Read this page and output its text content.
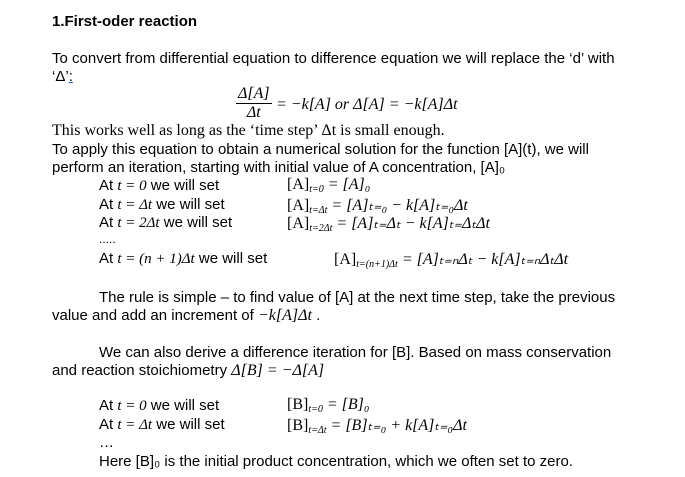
1.First-oder reaction
To convert from differential equation to difference equation we will replace the ‘d’ with
‘Δ’:
$\frac{\Delta[A]}{\Delta t} = -k[A]$ or Δ[A] = −k[A]Δt
This works well as long as the ‘time step’ Δt is small enough.
To apply this equation to obtain a numerical solution for the function [A](t), we will
perform an iteration, starting with initial value of A concentration, [A]₀
At t = 0 we will set	$[A]_{t=0} = [A]_0$
At t = Δt we will set	$[A]_{t=\Delta t} = [A]_{t=0} - k[A]_{t=0}\Delta t$
At t = 2Δt we will set	$[A]_{t=2\Delta t} = [A]_{t=}\Delta_t - k[A]_{t=}\Delta_t\Delta t$
.....
At t = (n + 1)Δt we will set	$[A]_{t=(n+1)\Delta t} = [A]_{t=n}\Delta_t - k[A]_{t=n}\Delta_t\Delta t$
The rule is simple – to find value of [A] at the next time step, take the previous
value and add an increment of −k[A]Δt .
We can also derive a difference iteration for [B]. Based on mass conservation
and reaction stoichiometry Δ[B] = −Δ[A]
At t = 0 we will set	$[B]_{t=0} = [B]_0$
At t = Δt we will set	$[B]_{t=\Delta t} = [B]_{t=0} + k[A]_{t=0}\Delta t$
…
Here [B]₀ is the initial product concentration, which we often set to zero.
